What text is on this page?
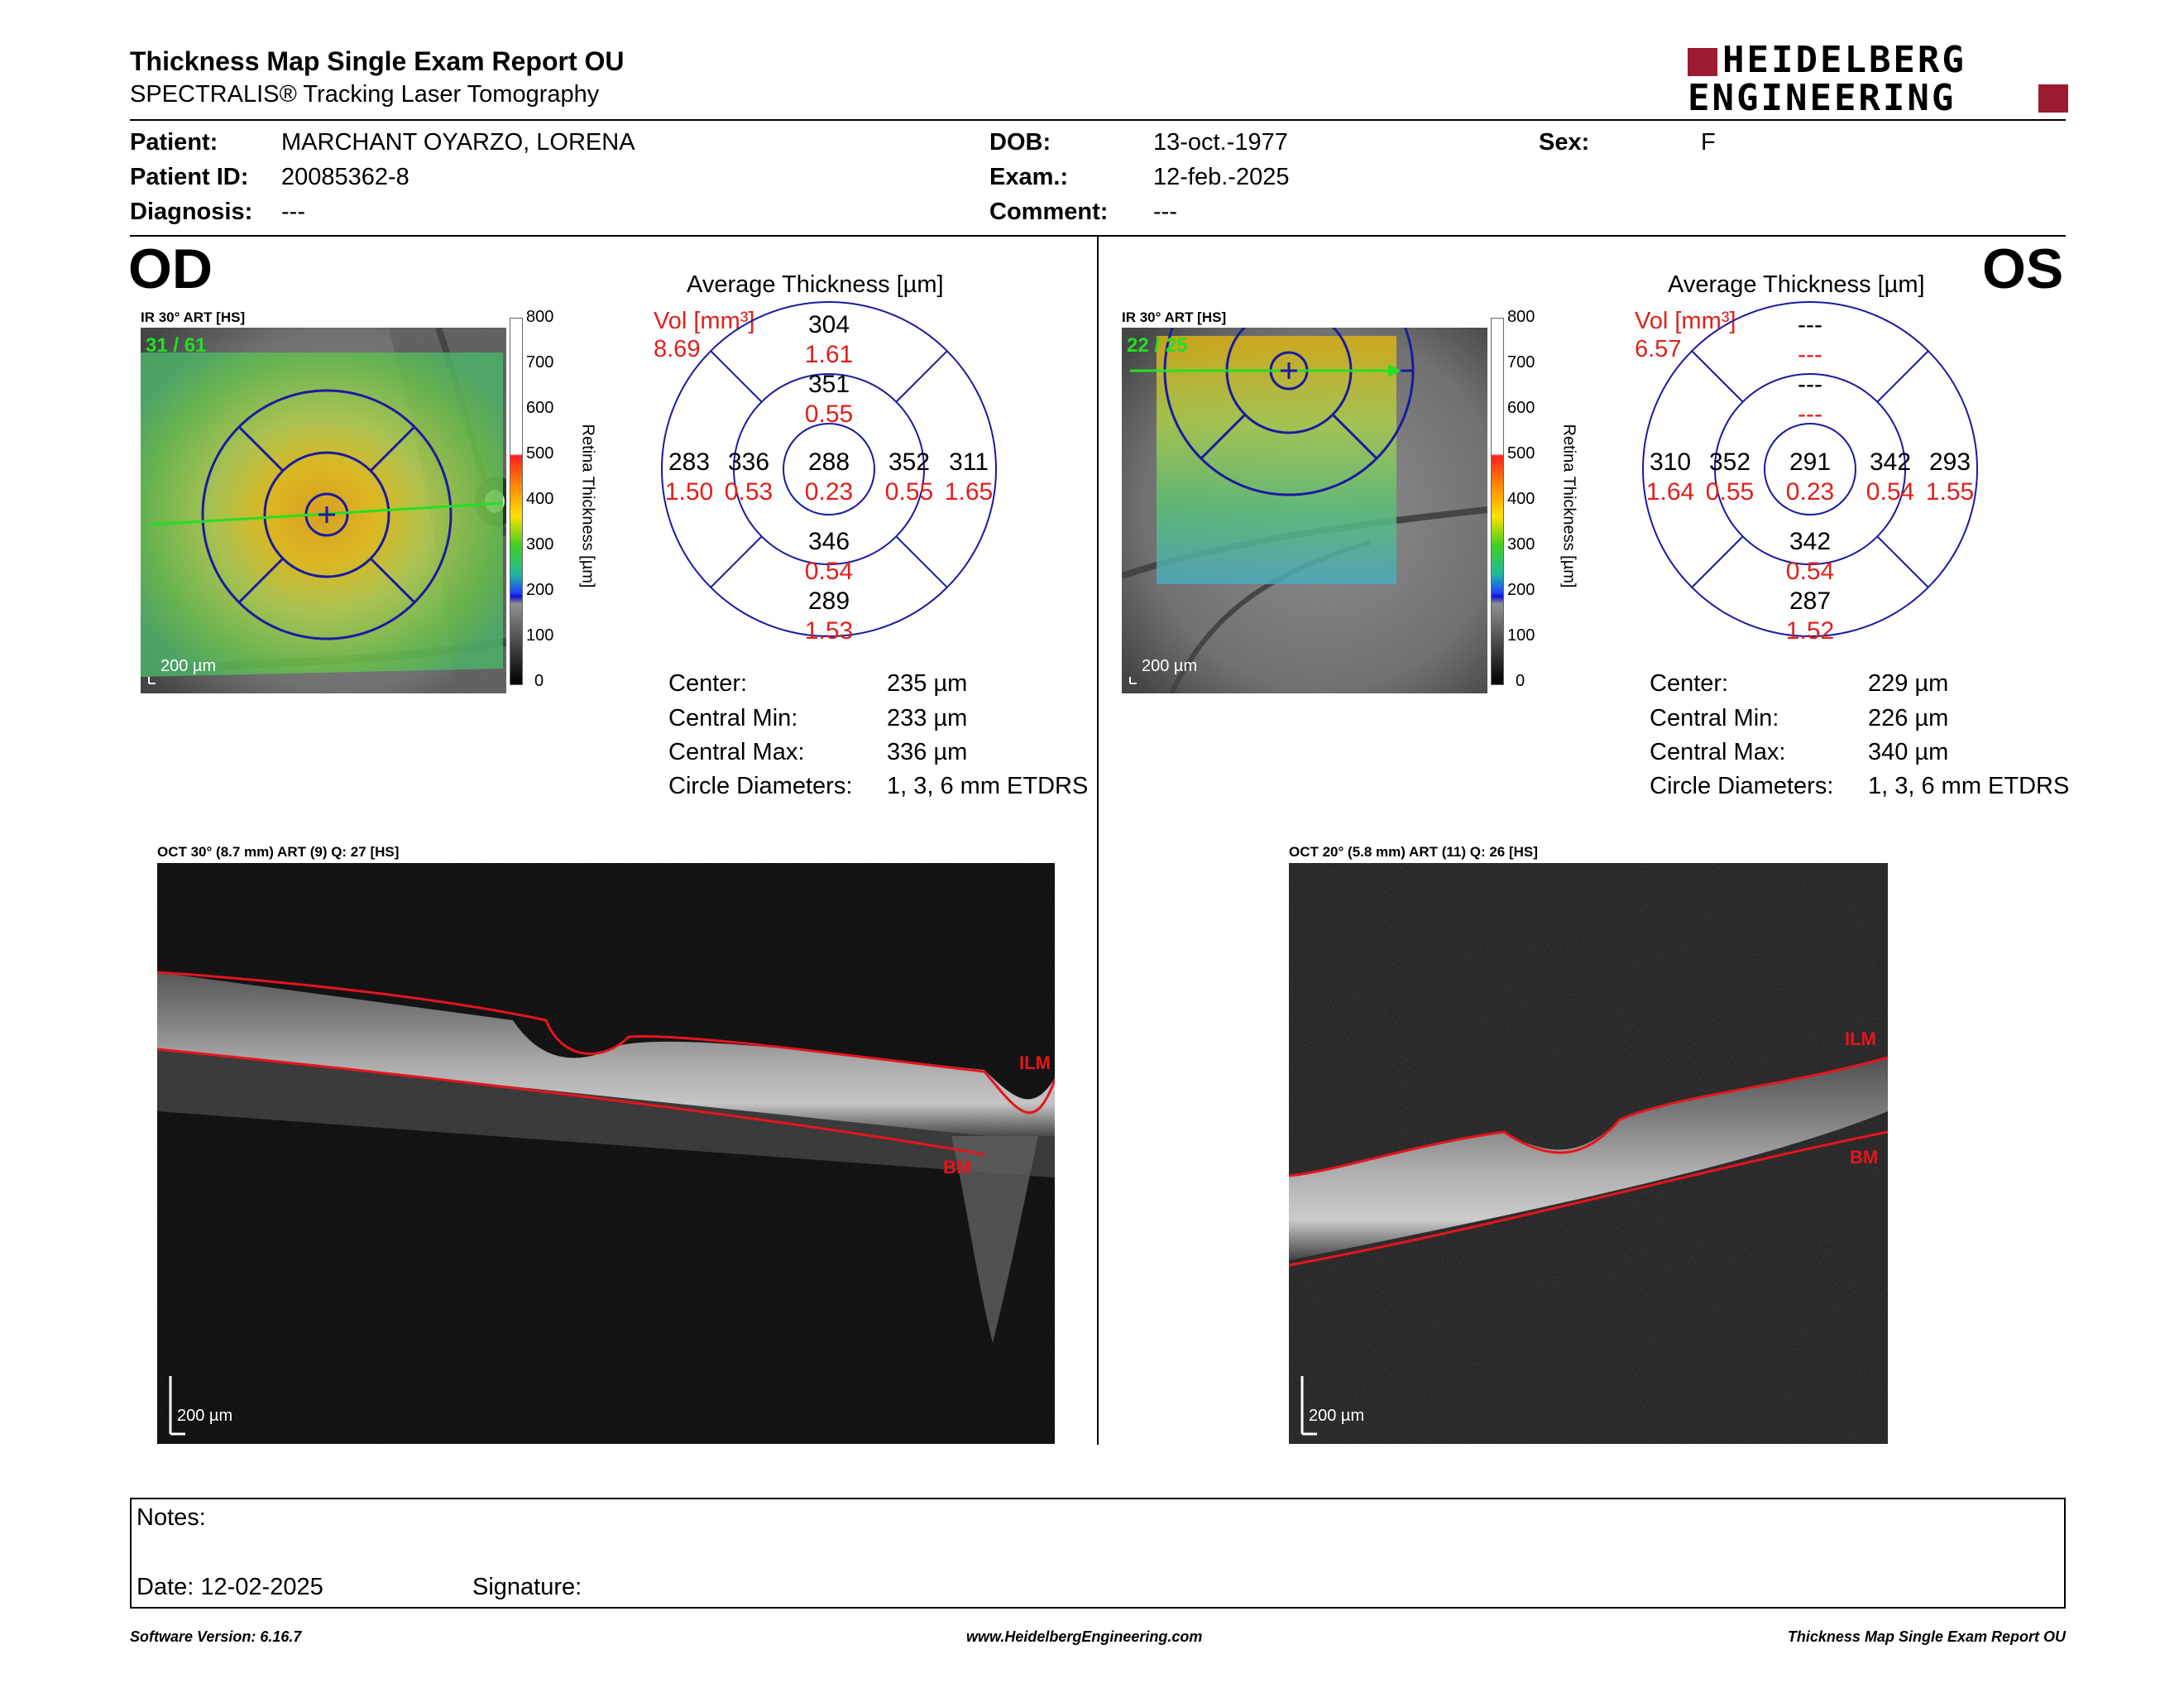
Thickness Map Single Exam Report OU
SPECTRALIS® Tracking Laser Tomography
HEIDELBERG
ENGINEERING
Patient:	MARCHANT OYARZO, LORENA
Patient ID: 20085362-8
Diagnosis: ---
DOB:	13-oct.-1977
Exam.:	12-feb.-2025
Comment: ---
Sex:	F
OD
IR 30° ART [HS]
31 / 61
200 µm
800
700
600
500
400
300
200
100
0
Retina Thickness [µm]
Average Thickness [µm]
Vol [mm³]
8.69
304
1.61
351
0.55
283
1.50
336
0.53
288
0.23
352
0.55
311
1.65
346
0.54
289
1.53
Center:	235 µm
Central Min:	233 µm
Central Max:	336 µm
Circle Diameters: 1, 3, 6 mm ETDRS
OCT 30° (8.7 mm) ART (9) Q: 27 [HS]
ILM
BM
200 µm
OS
IR 30° ART [HS]
22 / 25
200 µm
800
700
600
500
400
300
200
100
0
Retina Thickness [µm]
Average Thickness [µm]
Vol [mm³]
6.57
---
---
---
---
310
1.64
352
0.55
291
0.23
342
0.54
293
1.55
342
0.54
287
1.52
Center:	229 µm
Central Min:	226 µm
Central Max:	340 µm
Circle Diameters: 1, 3, 6 mm ETDRS
OCT 20° (5.8 mm) ART (11) Q: 26 [HS]
ILM
BM
200 µm
Notes:
Date: 12-02-2025	Signature:
Software Version: 6.16.7	www.HeidelbergEngineering.com	Thickness Map Single Exam Report OU
